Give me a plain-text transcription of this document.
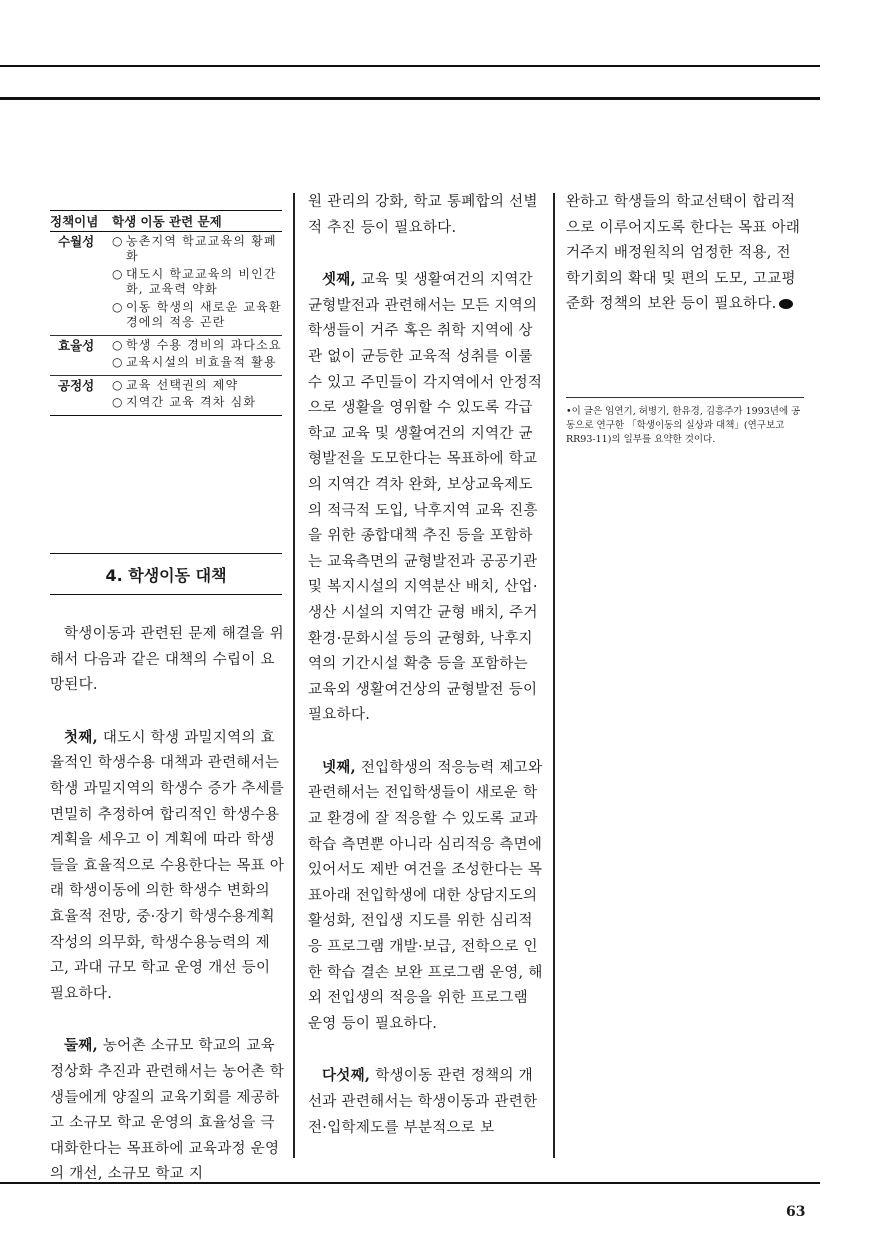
정책이념	학생 이동 관련 문제
수월성	○ 농촌지역 학교교육의 황폐화
○ 대도시 학교교육의 비인간화, 교육력 약화
○ 이동 학생의 새로운 교육환경에의 적응 곤란
효율성	○ 학생 수용 경비의 과다소요
○ 교육시설의 비효율적 활용
공정성	○ 교육 선택권의 제약
○ 지역간 교육 격차 심화
4. 학생이동 대책

학생이동과 관련된 문제 해결을 위해서 다음과 같은 대책의 수립이 요망된다.

첫째, 대도시 학생 과밀지역의 효율적인 학생수용 대책과 관련해서는 학생 과밀지역의 학생수 증가 추세를 면밀히 추정하여 합리적인 학생수용계획을 세우고 이 계획에 따라 학생들을 효율적으로 수용한다는 목표 아래 학생이동에 의한 학생수 변화의 효율적 전망, 중·장기 학생수용계획 작성의 의무화, 학생수용능력의 제고, 과대 규모 학교 운영 개선 등이 필요하다.

둘째, 농어촌 소규모 학교의 교육정상화 추진과 관련해서는 농어촌 학생들에게 양질의 교육기회를 제공하고 소규모 학교 운영의 효율성을 극대화한다는 목표하에 교육과정 운영의 개선, 소규모 학교 지

원 관리의 강화, 학교 통폐합의 선별적 추진 등이 필요하다.

셋째, 교육 및 생활여건의 지역간 균형발전과 관련해서는 모든 지역의 학생들이 거주 혹은 취학 지역에 상관 없이 균등한 교육적 성취를 이룰 수 있고 주민들이 각지역에서 안정적으로 생활을 영위할 수 있도록 각급학교 교육 및 생활여건의 지역간 균형발전을 도모한다는 목표하에 학교의 지역간 격차 완화, 보상교육제도의 적극적 도입, 낙후지역 교육 진흥을 위한 종합대책 추진 등을 포함하는 교육측면의 균형발전과 공공기관 및 복지시설의 지역분산 배치, 산업·생산 시설의 지역간 균형 배치, 주거환경·문화시설 등의 균형화, 낙후지역의 기간시설 확충 등을 포함하는 교육외 생활여건상의 균형발전 등이 필요하다.

넷째, 전입학생의 적응능력 제고와 관련해서는 전입학생들이 새로운 학교 환경에 잘 적응할 수 있도록 교과학습 측면뿐 아니라 심리적응 측면에 있어서도 제반 여건을 조성한다는 목표아래 전입학생에 대한 상담지도의 활성화, 전입생 지도를 위한 심리적응 프로그램 개발·보급, 전학으로 인한 학습 결손 보완 프로그램 운영, 해외 전입생의 적응을 위한 프로그램 운영 등이 필요하다.

다섯째, 학생이동 관련 정책의 개선과 관련해서는 학생이동과 관련한 전·입학제도를 부분적으로 보

완하고 학생들의 학교선택이 합리적으로 이루어지도록 한다는 목표 아래 거주지 배정원칙의 엄정한 적용, 전학기회의 확대 및 편의 도모, 고교평준화 정책의 보완 등이 필요하다.

•이 글은 임연기, 허병기, 한유경, 김흥주가 1993년에 공동으로 연구한 「학생이동의 실상과 대책」(연구보고 RR93-11)의 일부를 요약한 것이다.
63
